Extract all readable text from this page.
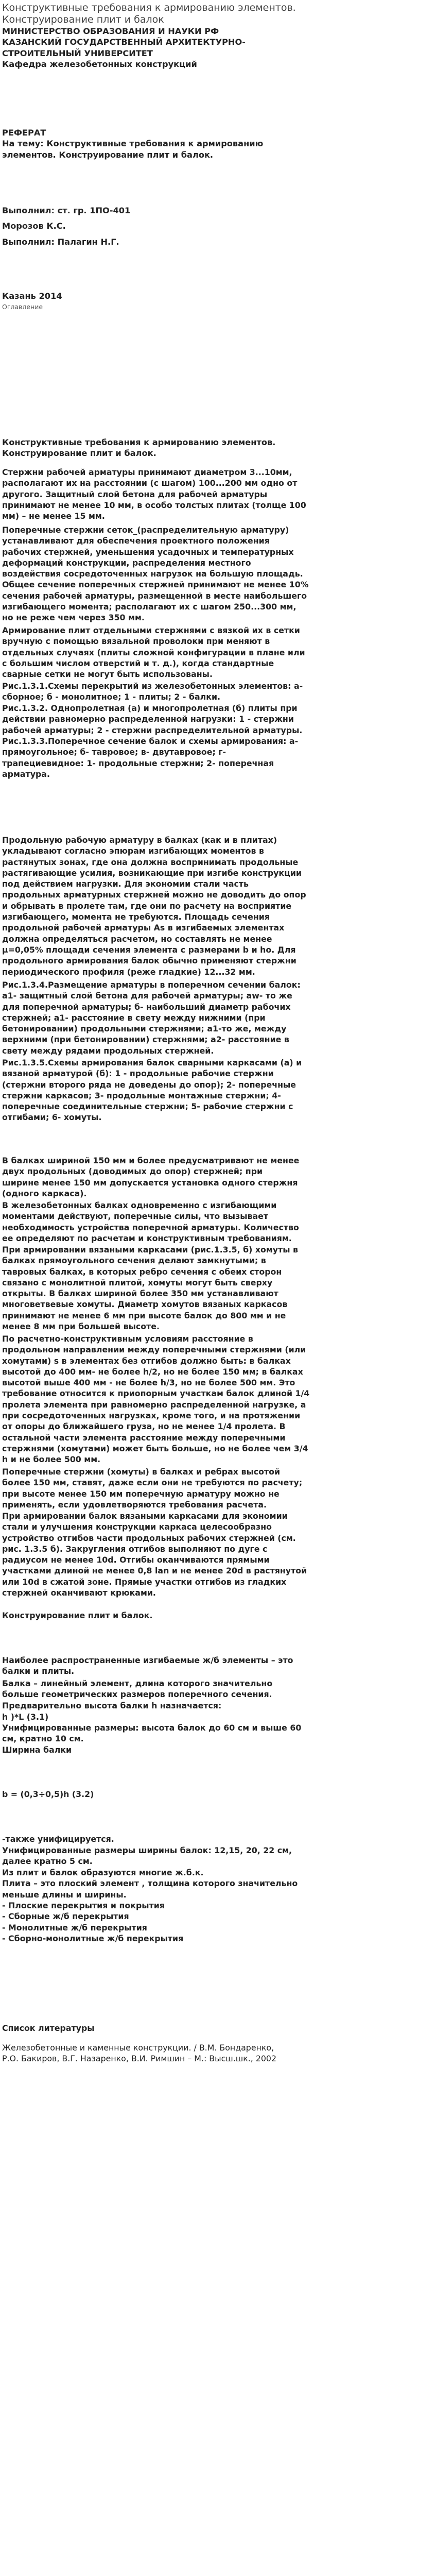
Конструктивные требования к армированию элементов.
Конструирование плит и балок
МИНИСТЕРСТВО ОБРАЗОВАНИЯ И НАУКИ РФ
КАЗАНСКИЙ ГОСУДАРСТВЕННЫЙ АРХИТЕКТУРНО-
СТРОИТЕЛЬНЫЙ УНИВЕРСИТЕТ
Кафедра железобетонных конструкций
РЕФЕРАТ
На тему: Конструктивные требования к армированию
элементов. Конструирование плит и балок.
Выполнил: ст. гр. 1ПО-401
Морозов К.С.
Выполнил: Палагин Н.Г.
Казань 2014
Оглавление
Конструктивные требования к армированию элементов.
Конструирование плит и балок.
Стержни рабочей арматуры принимают диаметром 3...10мм,
располагают их на расстоянии (с шагом) 100...200 мм одно от
другого. Защитный слой бетона для рабочей арматуры
принимают не менее 10 мм, в особо толстых плитах (толще 100
мм) – не менее 15 мм.
Поперечные стержни сеток_(распределительную арматуру)
устанавливают для обеспечения проектного положения
рабочих стержней, уменьшения усадочных и температурных
деформаций конструкции, распределения местного
воздействия сосредоточенных нагрузок на большую площадь.
Общее сечение поперечных стержней принимают не менее 10%
сечения рабочей арматуры, размещенной в месте наибольшего
изгибающего момента; располагают их с шагом 250...300 мм,
но не реже чем через 350 мм.
Армирование плит отдельными стержнями с вязкой их в сетки
вручную с помощью вязальной проволоки при меняют в
отдельных случаях (плиты сложной конфигурации в плане или
с большим числом отверстий и т. д.), когда стандартные
сварные сетки не могут быть использованы.
Рис.1.3.1.Схемы перекрытий из железобетонных элементов: а-
сборное; б - монолитное; 1 - плиты; 2 - балки.
Рис.1.3.2. Однопролетная (а) и многопролетная (б) плиты при
действии равномерно распределенной нагрузки: 1 - стержни
рабочей арматуры; 2 - стержни распределительной арматуры.
Рис.1.3.3.Поперечное сечение балок и схемы армирования: а-
прямоугольное; б- тавровое; в- двутавровое; г-
трапециевидное: 1- продольные стержни; 2- поперечная
арматура.
Продольную рабочую арматуру в балках (как и в плитах)
укладывают согласно эпюрам изгибающих моментов в
растянутых зонах, где она должна воспринимать продольные
растягивающие усилия, возникающие при изгибе конструкции
под действием нагрузки. Для экономии стали часть
продольных арматурных стержней можно не доводить до опор
и обрывать в пролете там, где они по расчету на восприятие
изгибающего, момента не требуются. Площадь сечения
продольной рабочей арматуры As в изгибаемых элементах
должна определяться расчетом, но составлять не менее
μ=0,05% площади сечения элемента с размерами b и ho. Для
продольного армирования балок обычно применяют стержни
периодического профиля (реже гладкие) 12...32 мм.
Рис.1.3.4.Размещение арматуры в поперечном сечении балок:
а1- защитный слой бетона для рабочей арматуры; аw- то же
для поперечной арматуры; б- наибольший диаметр рабочих
стержней; а1- расстояние в свету между нижними (при
бетонировании) продольными стержнями; а1-то же, между
верхними (при бетонировании) стержнями; а2- расстояние в
свету между рядами продольных стержней.
Рис.1.3.5.Схемы армирования балок сварными каркасами (а) и
вязаной арматурой (б): 1 - продольные рабочие стержни
(стержни второго ряда не доведены до опор); 2- поперечные
стержни каркасов; 3- продольные монтажные стержни; 4-
поперечные соединительные стержни; 5- рабочие стержни с
отгибами; 6- хомуты.
В балках шириной 150 мм и более предусматривают не менее
двух продольных (доводимых до опор) стержней; при
ширине менее 150 мм допускается установка одного стержня
(одного каркаса).
В железобетонных балках одновременно с изгибающими
моментами действуют, поперечные силы, что вызывает
необходимость устройства поперечной арматуры. Количество
ее определяют по расчетам и конструктивным требованиям.
При армировании вязаными каркасами (рис.1.3.5, б) хомуты в
балках прямоугольного сечения делают замкнутыми; в
тавровых балках, в которых ребро сечения с обеих сторон
связано с монолитной плитой, хомуты могут быть сверху
открыты. В балках шириной более 350 мм устанавливают
многоветвевые хомуты. Диаметр хомутов вязаных каркасов
принимают не менее 6 мм при высоте балок до 800 мм и не
менее 8 мм при большей высоте.
По расчетно-конструктивным условиям расстояние в
продольном направлении между поперечными стержнями (или
хомутами) s в элементах без отгибов должно быть: в балках
высотой до 400 мм- не более h/2, но не более 150 мм; в балках
высотой выше 400 мм - не более h/3, но не более 500 мм. Это
требование относится к приопорным участкам балок длиной 1/4
пролета элемента при равномерно распределенной нагрузке, а
при сосредоточенных нагрузках, кроме того, и на протяжении
от опоры до ближайшего груза, но не менее 1/4 пролета. В
остальной части элемента расстояние между поперечными
стержнями (хомутами) может быть больше, но не более чем 3/4
h и не более 500 мм.
Поперечные стержни (хомуты) в балках и ребрах высотой
более 150 мм, ставят, даже если они не требуются по расчету;
при высоте менее 150 мм поперечную арматуру можно не
применять, если удовлетворяются требования расчета.
При армировании балок вязаными каркасами для экономии
стали и улучшения конструкции каркаса целесообразно
устройство отгибов части продольных рабочих стержней (см.
рис. 1.3.5 б). Закругления отгибов выполняют по дуге с
радиусом не менее 10d. Отгибы оканчиваются прямыми
участками длиной не менее 0,8 lan и не менее 20d в растянутой
или 10d в сжатой зоне. Прямые участки отгибов из гладких
стержней оканчивают крюками.
Конструирование плит и балок.
Наиболее распространенные изгибаемые ж/б элементы – это
балки и плиты.
Балка – линейный элемент, длина которого значительно
больше геометрических размеров поперечного сечения.
Предварительно высота балки h назначается:
h )*L (3.1)
Унифицированные размеры: высота балок до 60 см и выше 60
см, кратно 10 см.
Ширина балки
b = (0,3÷0,5)h (3.2)
-также унифицируется.
Унифицированные размеры ширины балок: 12,15, 20, 22 см,
далее кратно 5 см.
Из плит и балок образуются многие ж.б.к.
Плита – это плоский элемент , толщина которого значительно
меньше длины и ширины.
- Плоские перекрытия и покрытия
- Сборные ж/б перекрытия
- Монолитные ж/б перекрытия
- Сборно-монолитные ж/б перекрытия
Список литературы
Железобетонные и каменные конструкции. / В.М. Бондаренко,
Р.О. Бакиров, В.Г. Назаренко, В.И. Римшин – М.: Высш.шк., 2002
